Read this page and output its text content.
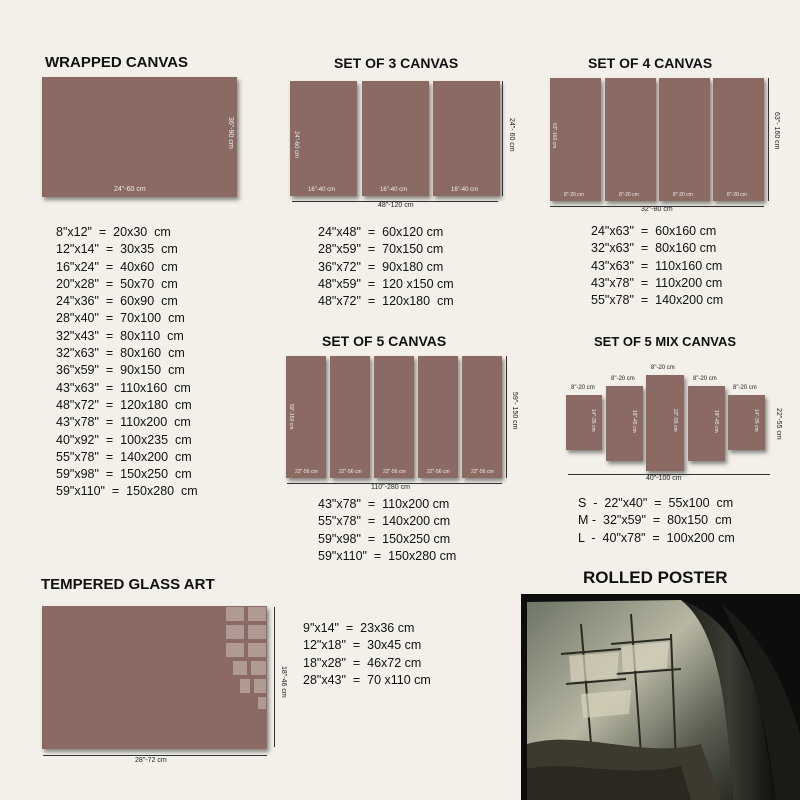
WRAPPED CANVAS
24"-60 cm
36"-90 cm
8"x12"  =  20x30  cm
12"x14"  =  30x35  cm
16"x24"  =  40x60  cm
20"x28"  =  50x70  cm
24"x36"  =  60x90  cm
28"x40"  =  70x100  cm
32"x43"  =  80x110  cm
32"x63"  =  80x160  cm
36"x59"  =  90x150  cm
43"x63"  =  110x160  cm
48"x72"  =  120x180  cm
43"x78"  =  110x200  cm
40"x92"  =  100x235  cm
55"x78"  =  140x200  cm
59"x98"  =  150x250  cm
59"x110"  =  150x280  cm
SET OF 3 CANVAS
16"-40 cm
24"-60 cm
16"-40 cm	16"-40 cm
48"-120 cm
24"- 60 cm
24"x48"  =  60x120 cm
28"x59"  =  70x150 cm
36"x72"  =  90x180 cm
48"x59"  =  120 x150 cm
48"x72"  =  120x180  cm
SET OF 4 CANVAS
8"-20 cm
63"-160 cm
8"-20 cm	8"-20 cm	8"-20 cm
32"-80 cm
63"- 160 cm
24"x63"  =  60x160 cm
32"x63"  =  80x160 cm
43"x63"  =  110x160 cm
43"x78"  =  110x200 cm
55"x78"  =  140x200 cm
SET OF 5 CANVAS
22"-56 cm
59"-150 cm
22"-56 cm	22"-56 cm	22"-56 cm	22"-56 cm
110"-280 cm
59"- 150 cm
43"x78"  =  110x200 cm
55"x78"  =  140x200 cm
59"x98"  =  150x250 cm
59"x110"  =  150x280 cm
SET OF 5 MIX CANVAS
8"-20 cm
14"-35 cm
8"-20 cm
18"-45 cm
8"-20 cm
22"-55 cm
8"-20 cm
18"-45 cm
8"-20 cm
14"-35 cm
40"-100 cm
22"-55 cm
S  -  22"x40"  =  55x100  cm
M -  32"x59"  =  80x150  cm
L  -  40"x78"  =  100x200 cm
TEMPERED GLASS ART
28"-72 cm
18"-46 cm
9"x14"  =  23x36 cm
12"x18"  =  30x45 cm
18"x28"  =  46x72 cm
28"x43"  =  70 x110 cm
ROLLED POSTER
